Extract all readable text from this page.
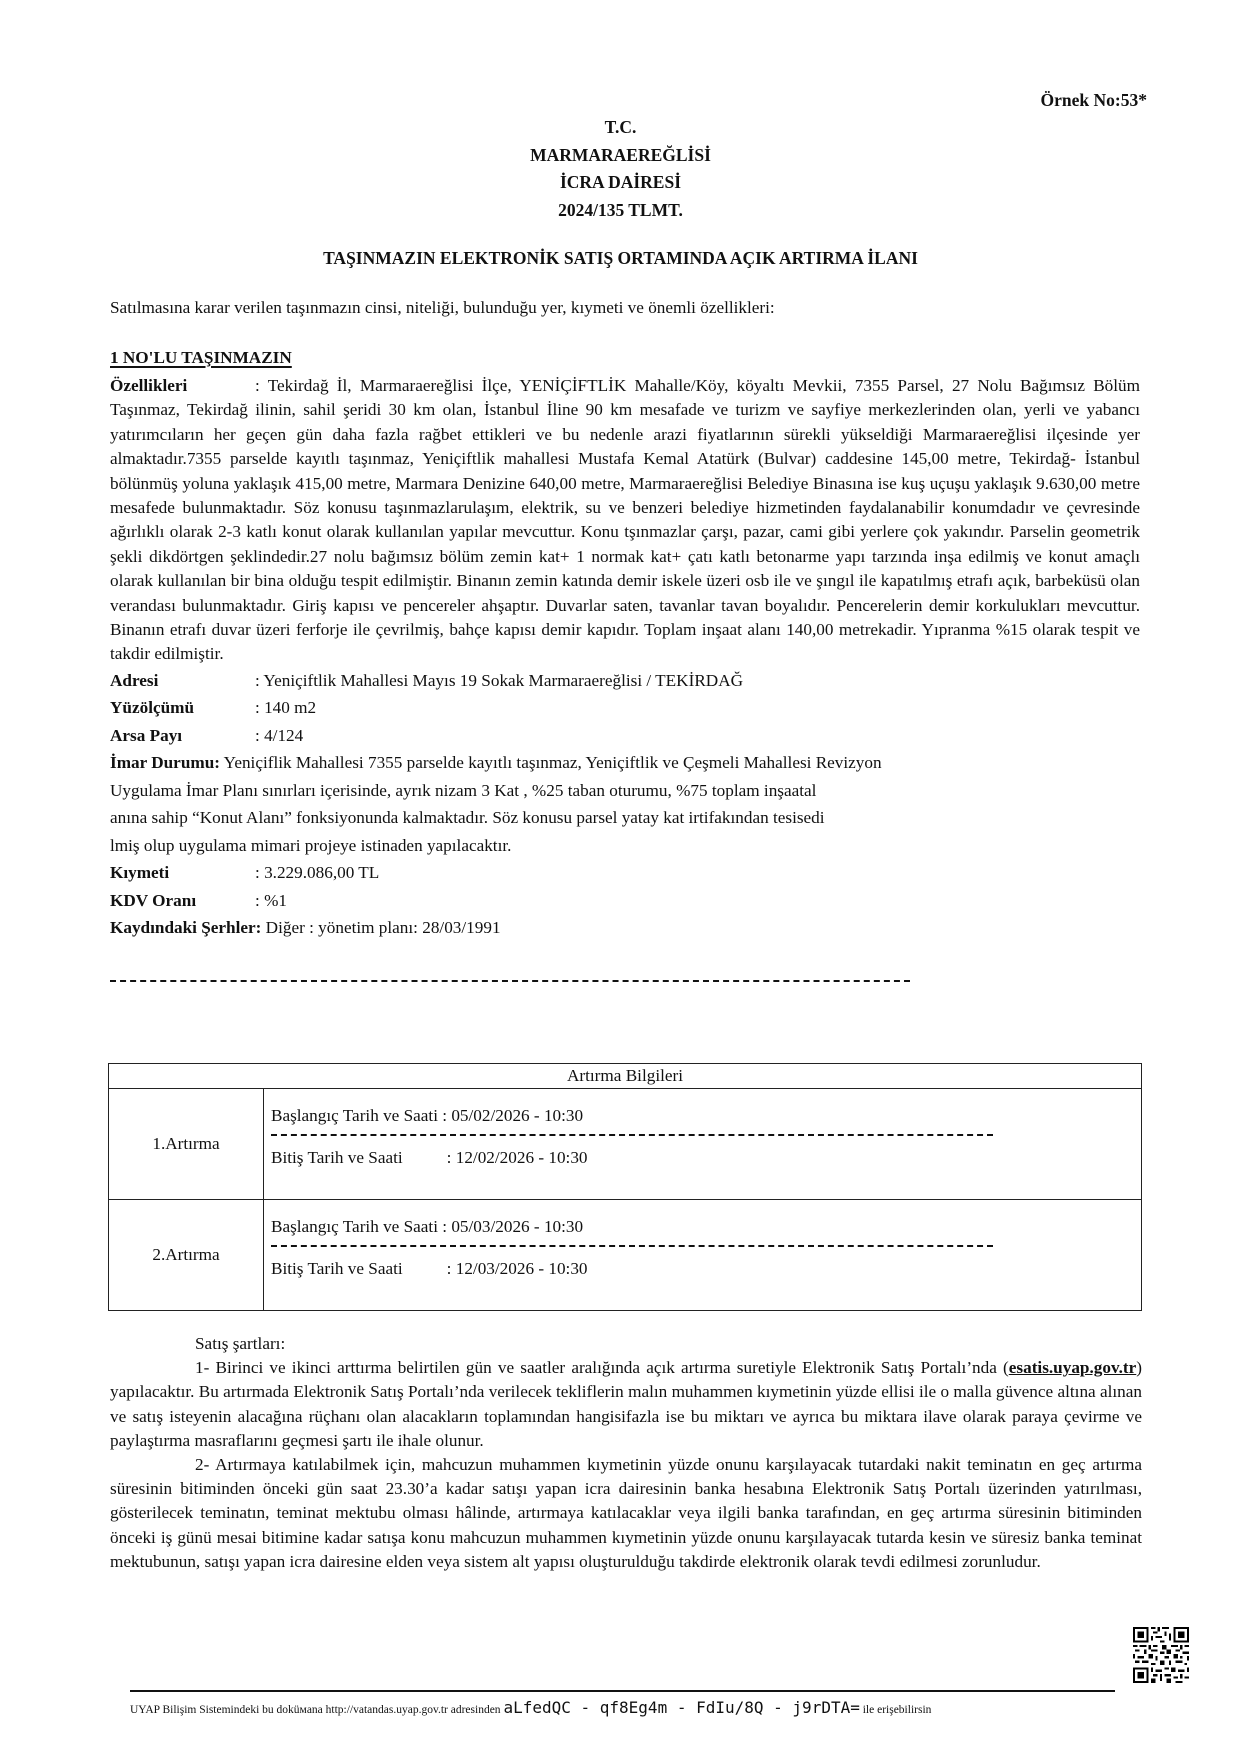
Örnek No:53*
T.C.
MARMARAEREĞLİSİ
İCRA DAİRESİ
2024/135 TLMT.
TAŞINMAZIN ELEKTRONİK SATIŞ ORTAMINDA AÇIK ARTIRMA İLANI
Satılmasına karar verilen taşınmazın cinsi, niteliği, bulunduğu yer, kıymeti ve önemli özellikleri:
1 NO'LU TAŞINMAZIN

Özellikleri	: Tekirdağ İl, Marmaraereğlisi İlçe, YENİÇİFTLİK Mahalle/Köy, köyaltı Mevkii, 7355 Parsel, 27 Nolu Bağımsız Bölüm Taşınmaz, Tekirdağ ilinin, sahil şeridi 30 km olan, İstanbul İline 90 km mesafade ve turizm ve sayfiye merkezlerinden olan, yerli ve yabancı yatırımcıların her geçen gün daha fazla rağbet ettikleri ve bu nedenle arazi fiyatlarının sürekli yükseldiği Marmaraereğlisi ilçesinde yer almaktadır.7355 parselde kayıtlı taşınmaz, Yeniçiftlik mahallesi Mustafa Kemal Atatürk (Bulvar) caddesine 145,00 metre, Tekirdağ- İstanbul bölünmüş yoluna yaklaşık 415,00 metre, Marmara Denizine 640,00 metre, Marmaraereğlisi Belediye Binasına ise kuş uçuşu yaklaşık 9.630,00 metre mesafede bulunmaktadır. Söz konusu taşınmazlarulaşım, elektrik, su ve benzeri belediye hizmetinden faydalanabilir konumdadır ve çevresinde ağırlıklı olarak 2-3 katlı konut olarak kullanılan yapılar mevcuttur. Konu tşınmazlar çarşı, pazar, cami gibi yerlere çok yakındır. Parselin geometrik şekli dikdörtgen şeklindedir.27 nolu bağımsız bölüm zemin kat+ 1 normak kat+ çatı katlı betonarme yapı tarzında inşa edilmiş ve konut amaçlı olarak kullanılan bir bina olduğu tespit edilmiştir. Binanın zemin katında demir iskele üzeri osb ile ve şıngıl ile kapatılmış etrafı açık, barbeküsü olan verandası bulunmaktadır. Giriş kapısı ve pencereler ahşaptır. Duvarlar saten, tavanlar tavan boyalıdır. Pencerelerin demir korkulukları mevcuttur. Binanın etrafı duvar üzeri ferforje ile çevrilmiş, bahçe kapısı demir kapıdır. Toplam inşaat alanı 140,00 metrekadir. Yıpranma %15 olarak tespit ve takdir edilmiştir.

Adresi	: Yeniçiftlik Mahallesi Mayıs 19 Sokak Marmaraereğlisi / TEKİRDAĞ

Yüzölçümü	: 140 m2

Arsa Payı	: 4/124

İmar Durumu: Yeniçiflik Mahallesi 7355 parselde kayıtlı taşınmaz, Yeniçiftlik ve Çeşmeli Mahallesi Revizyon

Uygulama İmar Planı sınırları içerisinde, ayrık nizam 3 Kat , %25 taban oturumu, %75 toplam inşaatal

anına sahip “Konut Alanı” fonksiyonunda kalmaktadır. Söz konusu parsel yatay kat irtifakından tesisedi

lmiş olup uygulama mimari projeye istinaden yapılacaktır.

Kıymeti	: 3.229.086,00 TL

KDV Oranı	: %1

Kaydındaki Şerhler: Diğer : yönetim planı: 28/03/1991

Artırma Bilgileri	
1.Artırma	Başlangıç Tarih ve Saati : 05/02/2026 - 10:30
Bitiş Tarih ve Saati : 12/02/2026 - 10:30

2.Artırma	Başlangıç Tarih ve Saati : 05/03/2026 - 10:30
Bitiş Tarih ve Saati : 12/03/2026 - 10:30

Satış şartları:

1- Birinci ve ikinci arttırma belirtilen gün ve saatler aralığında açık artırma suretiyle Elektronik Satış Portalı’nda (esatis.uyap.gov.tr) yapılacaktır. Bu artırmada Elektronik Satış Portalı’nda verilecek tekliflerin malın muhammen kıymetinin yüzde ellisi ile o malla güvence altına alınan ve satış isteyenin alacağına rüçhanı olan alacakların toplamından hangisifazla ise bu miktarı ve ayrıca bu miktara ilave olarak paraya çevirme ve paylaştırma masraflarını geçmesi şartı ile ihale olunur.

2- Artırmaya katılabilmek için, mahcuzun muhammen kıymetinin yüzde onunu karşılayacak tutardaki nakit teminatın en geç artırma süresinin bitiminden önceki gün saat 23.30’a kadar satışı yapan icra dairesinin banka hesabına Elektronik Satış Portalı üzerinden yatırılması, gösterilecek teminatın, teminat mektubu olması hâlinde, artırmaya katılacaklar veya ilgili banka tarafından, en geç artırma süresinin bitiminden önceki iş günü mesai bitimine kadar satışa konu mahcuzun muhammen kıymetinin yüzde onunu karşılayacak tutarda kesin ve süresiz banka teminat mektubunun, satışı yapan icra dairesine elden veya sistem alt yapısı oluşturulduğu takdirde elektronik olarak tevdi edilmesi zorunludur.

UYAP Bilişim Sistemindeki bu doküмana http://vatandas.uyap.gov.tr adresinden aLfedQC - qf8Eg4m - FdIu/8Q - j9rDTA= ile erişebilirsin
